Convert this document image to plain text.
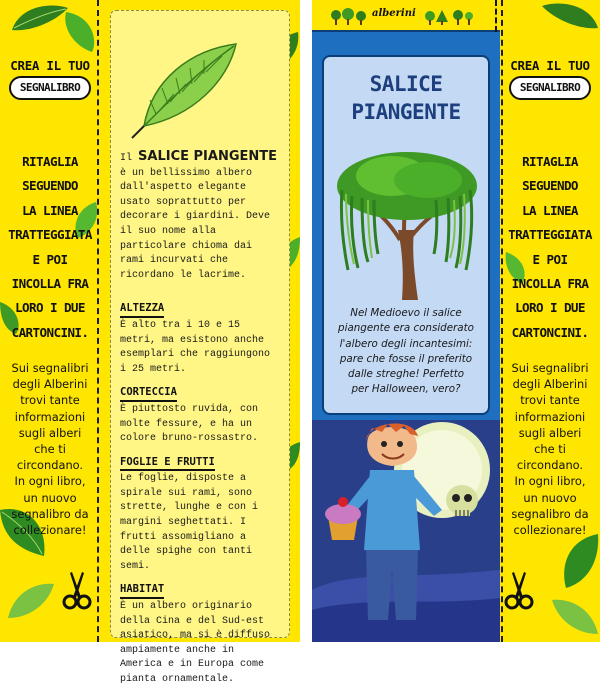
CREA IL TUO
SEGNALIBRO
RITAGLIA
SEGUENDO
LA LINEA
TRATTEGGIATA
E POI
INCOLLA FRA
LORO I DUE
CARTONCINI.
Sui segnalibri
degli Alberini
trovi tante
informazioni
sugli alberi
che ti
circondano.
In ogni libro,
un nuovo
segnalibro da
collezionare!
Il SALICE PIANGENTE è un bellissimo albero dall'aspetto elegante usato soprattutto per decorare i giardini. Deve il suo nome alla particolare chioma dai rami incurvati che ricordano le lacrime.
ALTEZZA
È alto tra i 10 e 15 metri, ma esistono anche esemplari che raggiungono i 25 metri.
CORTECCIA
È piuttosto ruvida, con molte fessure, e ha un colore bruno-rossastro.
FOGLIE E FRUTTI
Le foglie, disposte a spirale sui rami, sono strette, lunghe e con i margini seghettati. I frutti assomigliano a delle spighe con tanti semi.
HABITAT
È un albero originario della Cina e del Sud-est asiatico, ma si è diffuso ampiamente anche in America e in Europa come pianta ornamentale.
alberini
SALICE
PIANGENTE
Nel Medioevo il salice
piangente era considerato
l'albero degli incantesimi:
pare che fosse il preferito
dalle streghe! Perfetto
per Halloween, vero?
CREA IL TUO
SEGNALIBRO
RITAGLIA
SEGUENDO
LA LINEA
TRATTEGGIATA
E POI
INCOLLA FRA
LORO I DUE
CARTONCINI.
Sui segnalibri
degli Alberini
trovi tante
informazioni
sugli alberi
che ti
circondano.
In ogni libro,
un nuovo
segnalibro da
collezionare!
